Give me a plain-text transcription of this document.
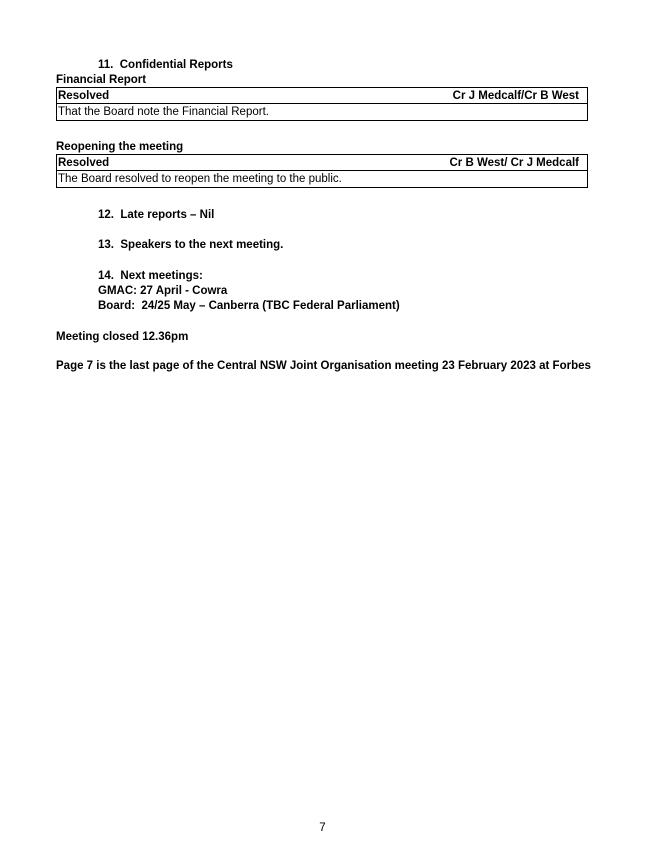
11. Confidential Reports
Financial Report
Resolved	Cr J Medcalf/Cr B West
That the Board note the Financial Report.
Reopening the meeting
Resolved	Cr B West/ Cr J Medcalf
The Board resolved to reopen the meeting to the public.
12. Late reports – Nil
13. Speakers to the next meeting.
14. Next meetings:
GMAC: 27 April - Cowra
Board:  24/25 May – Canberra (TBC Federal Parliament)
Meeting closed 12.36pm
Page 7 is the last page of the Central NSW Joint Organisation meeting 23 February 2023 at Forbes
7
